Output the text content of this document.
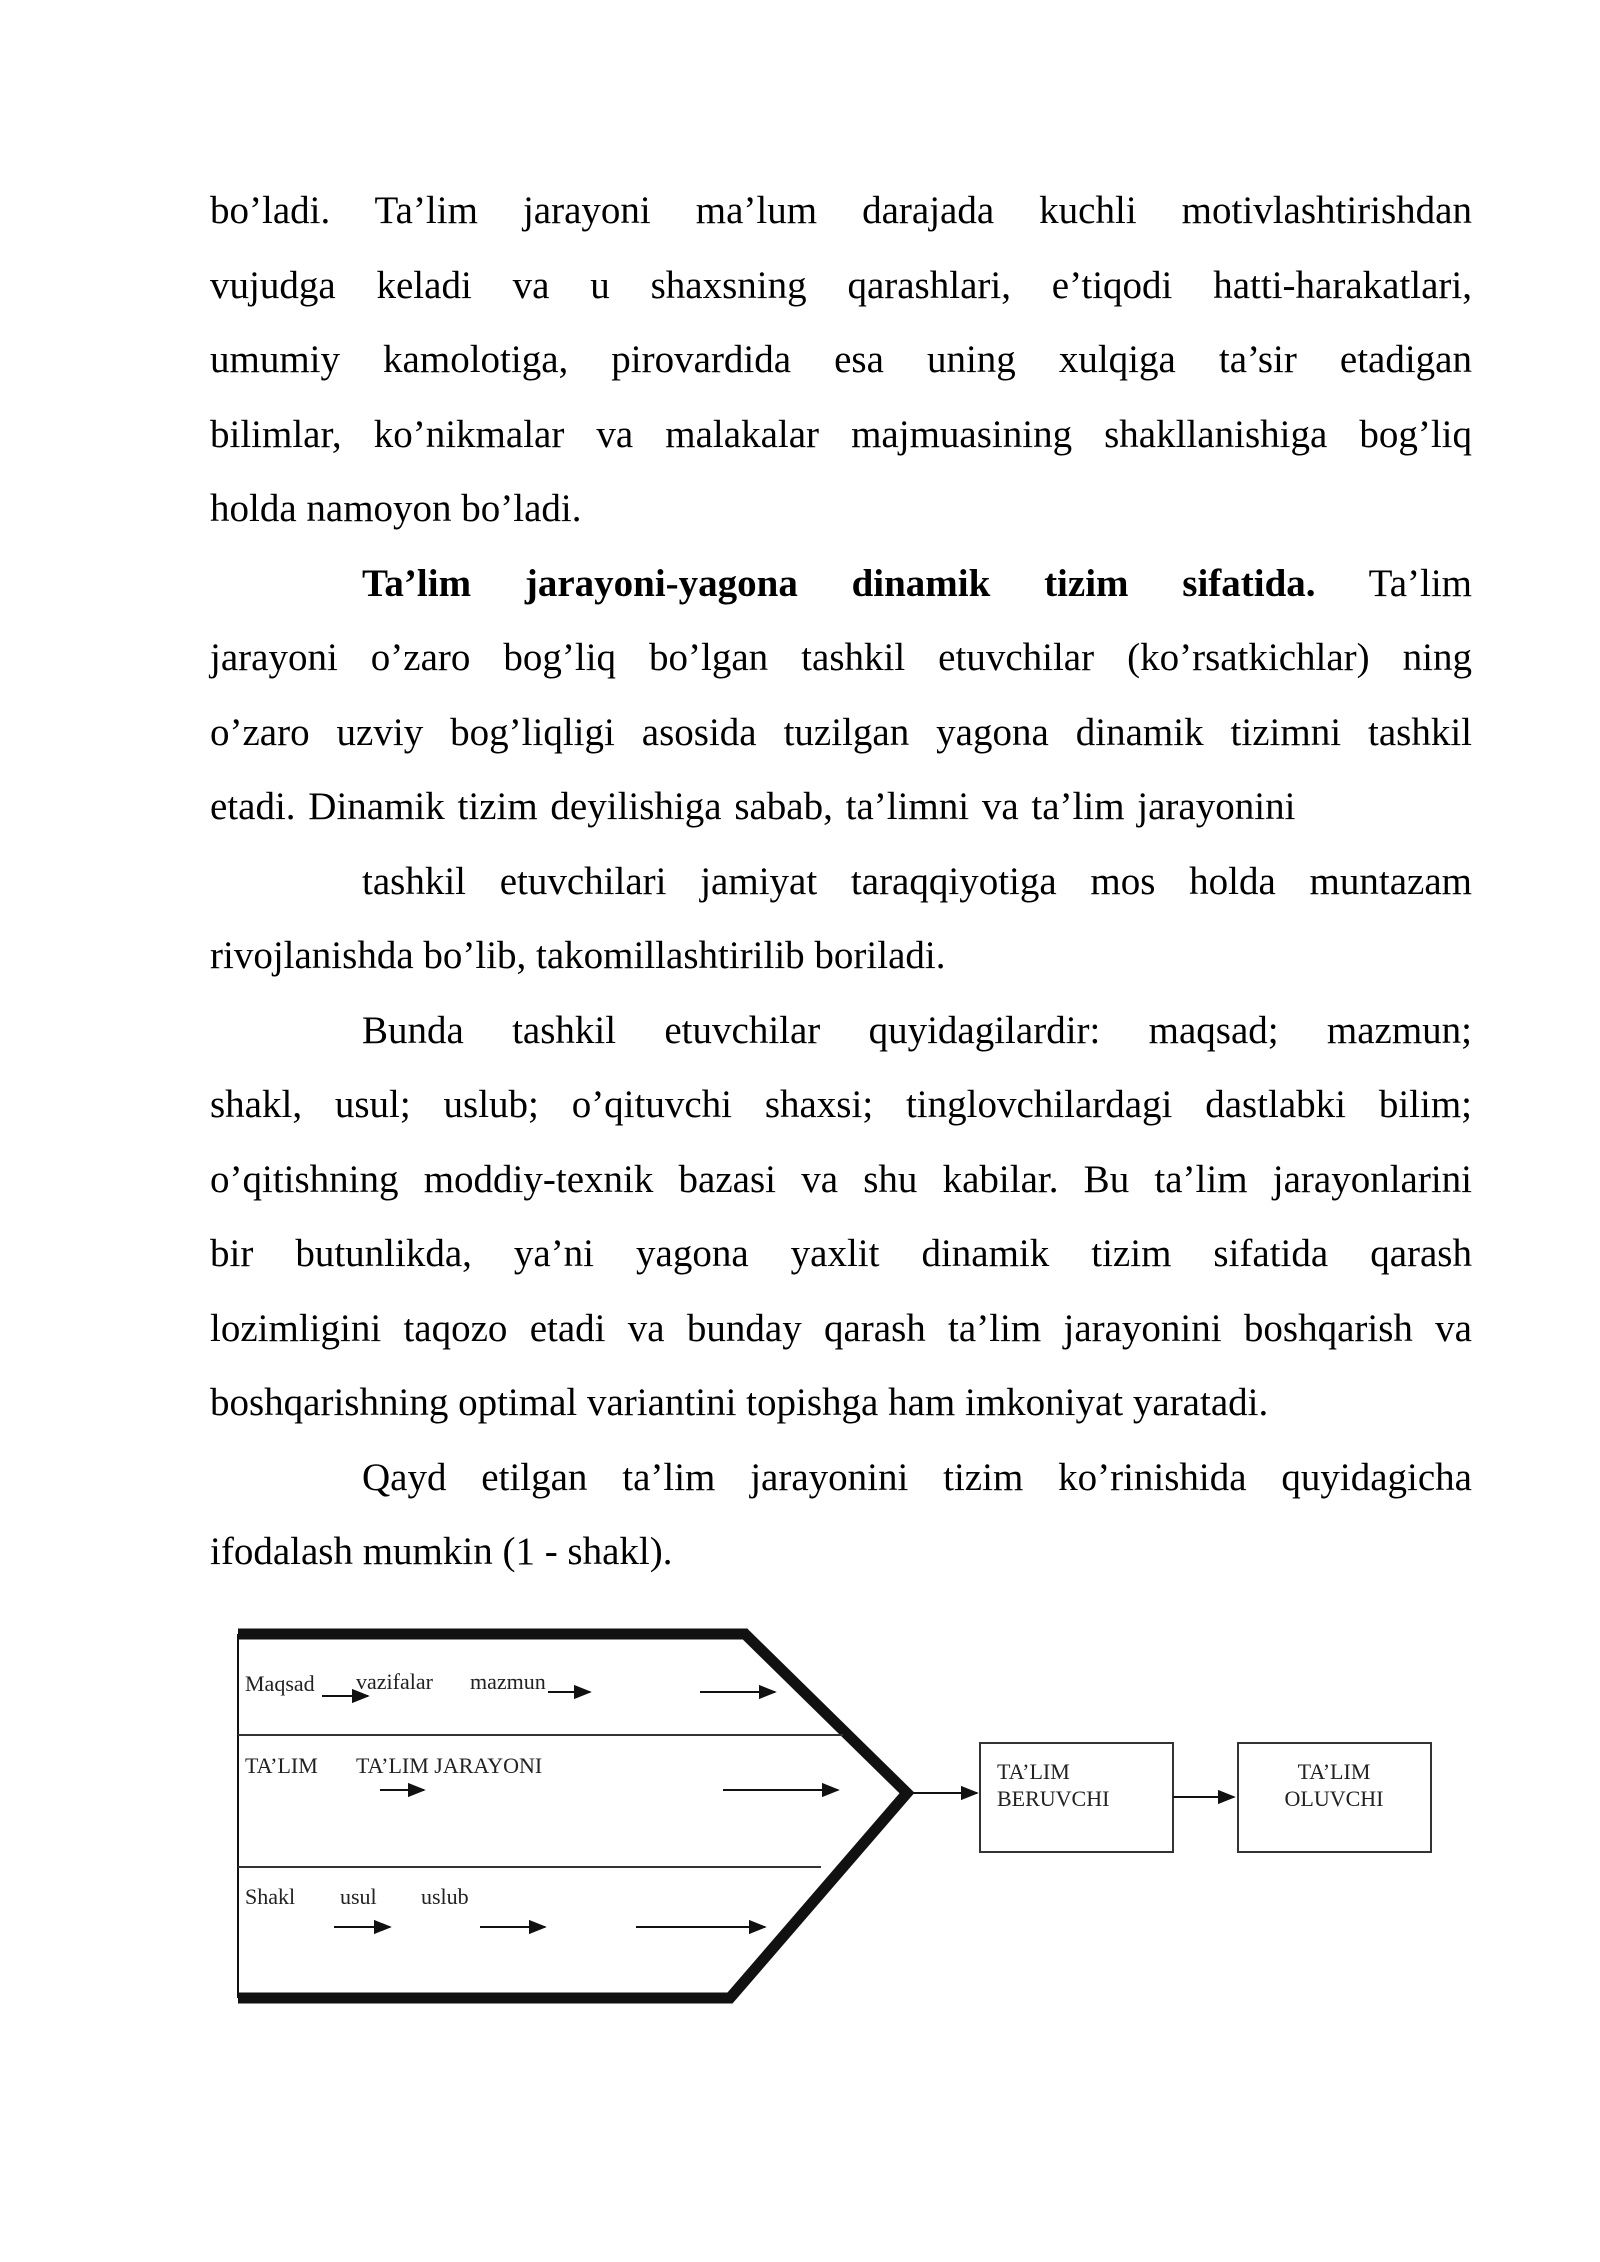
bo’ladi. Ta’lim jarayoni ma’lum darajada kuchli motivlashtirishdan
vujudga keladi va u shaxsning qarashlari, e’tiqodi hatti-harakatlari,
umumiy kamolotiga, pirovardida esa uning xulqiga ta’sir etadigan
bilimlar, ko’nikmalar va malakalar majmuasining shakllanishiga bog’liq
holda namoyon bo’ladi.
Ta’lim jarayoni-yagona dinamik tizim sifatida. Ta’lim
jarayoni o’zaro bog’liq bo’lgan tashkil etuvchilar (ko’rsatkichlar) ning
o’zaro uzviy bog’liqligi asosida tuzilgan yagona dinamik tizimni tashkil
etadi. Dinamik tizim deyilishiga sabab, ta’limni va ta’lim jarayonini
tashkil etuvchilari jamiyat taraqqiyotiga mos holda muntazam
rivojlanishda bo’lib, takomillashtirilib boriladi.
Bunda tashkil etuvchilar quyidagilardir: maqsad; mazmun;
shakl, usul; uslub; o’qituvchi shaxsi; tinglovchilardagi dastlabki bilim;
o’qitishning moddiy-texnik bazasi va shu kabilar. Bu ta’lim jarayonlarini
bir butunlikda, ya’ni yagona yaxlit dinamik tizim sifatida qarash
lozimligini taqozo etadi va bunday qarash ta’lim jarayonini boshqarish va
boshqarishning optimal variantini topishga ham imkoniyat yaratadi.
Qayd etilgan ta’lim jarayonini tizim ko’rinishida quyidagicha
ifodalash mumkin (1 - shakl).
Maqsad vazifalar mazmun
TA’LIM TA’LIM JARAYONI
Shakl usul uslub
TA’LIM
BERUVCHI
TA’LIM
OLUVCHI
